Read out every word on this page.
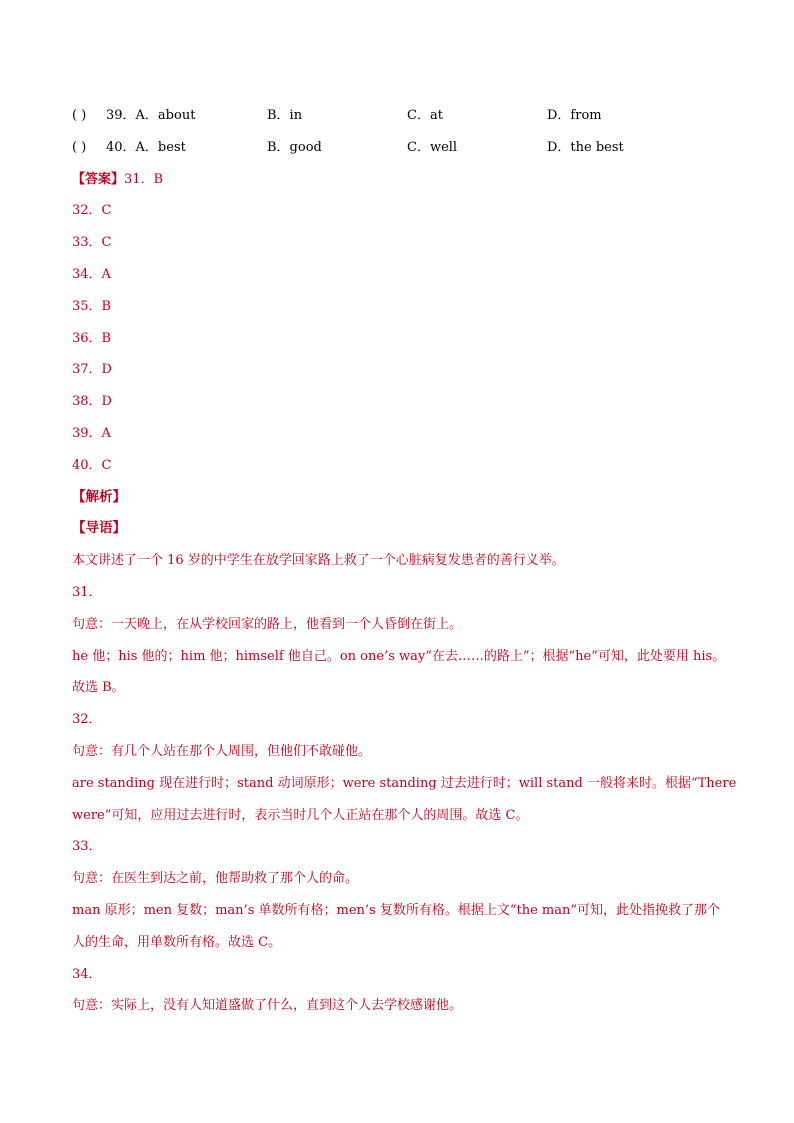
( ) 39．A．about	B．in	C．at	D．from
( ) 40．A．best	B．good	C．well	D．the best
【答案】31．B
32．C
33．C
34．A
35．B
36．B
37．D
38．D
39．A
40．C
【解析】
【导语】
本文讲述了一个 16 岁的中学生在放学回家路上救了一个心脏病复发患者的善行义举。
31．
句意：一天晚上，在从学校回家的路上，他看到一个人昏倒在街上。
he 他；his 他的；him 他；himself 他自己。on one’s way“在去……的路上”；根据“he”可知，此处要用 his。
故选 B。
32．
句意：有几个人站在那个人周围，但他们不敢碰他。
are standing 现在进行时；stand 动词原形；were standing 过去进行时；will stand 一般将来时。根据“There
were”可知，应用过去进行时，表示当时几个人正站在那个人的周围。故选 C。
33．
句意：在医生到达之前，他帮助救了那个人的命。
man 原形；men 复数；man’s 单数所有格；men’s 复数所有格。根据上文“the man”可知，此处指挽救了那个
人的生命，用单数所有格。故选 C。
34．
句意：实际上，没有人知道盛做了什么，直到这个人去学校感谢他。
